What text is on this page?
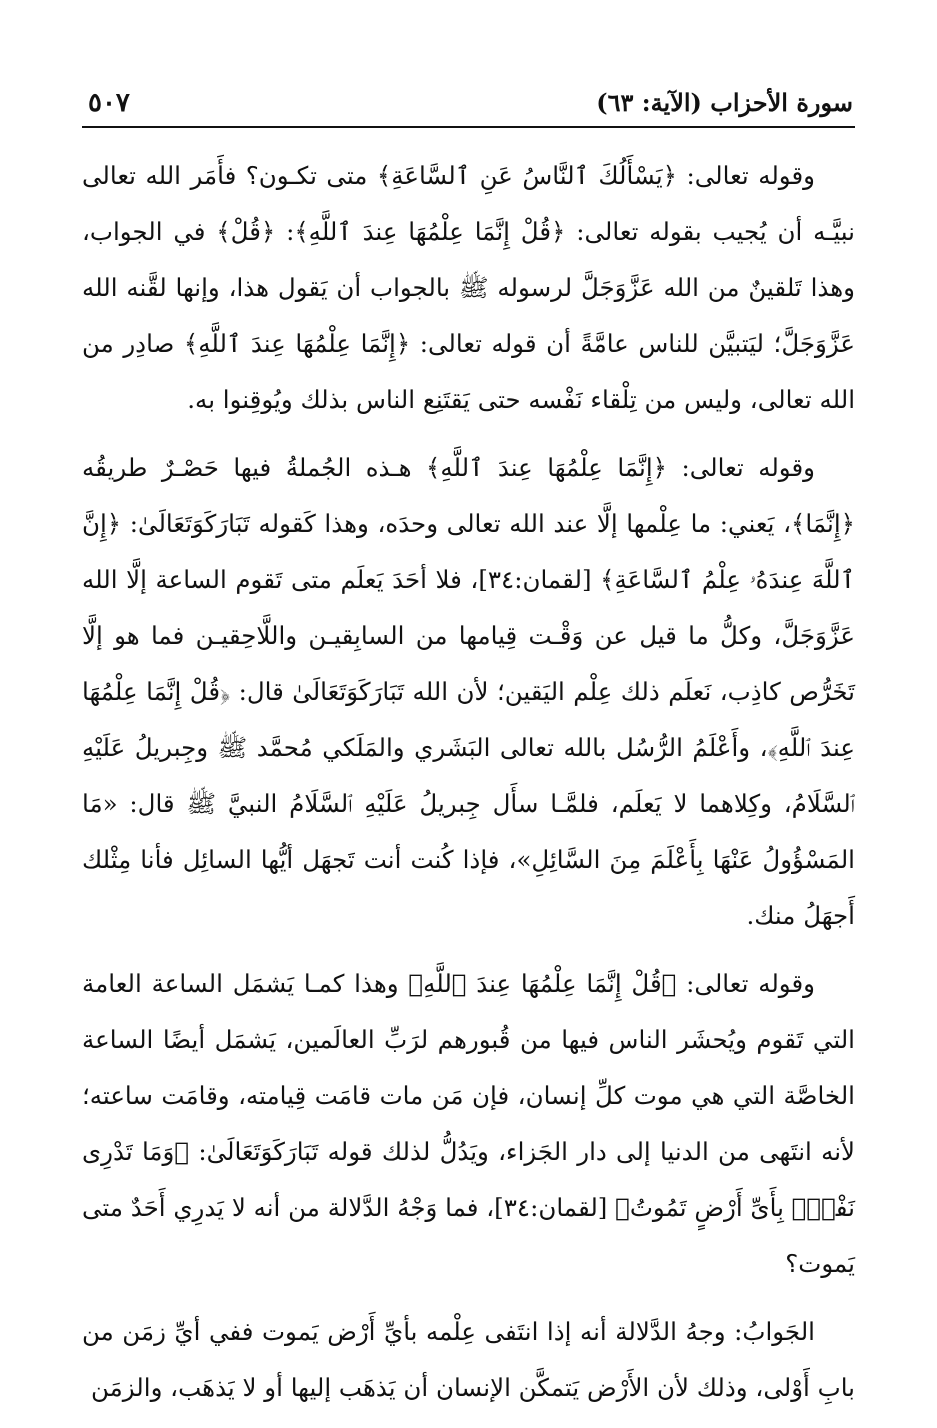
٥٠٧	سورة الأحزاب (الآية: ٦٣)

وقوله تعالى: ﴿يَسْأَلُكَ ٱلنَّاسُ عَنِ ٱلسَّاعَةِ﴾ متى تكـون؟ فأَمَر الله تعالى نبيَّـه أن يُجيب بقوله تعالى: ﴿قُلْ إِنَّمَا عِلْمُهَا عِندَ ٱللَّهِ﴾: ﴿قُلْ﴾ في الجواب، وهذا تَلقينٌ من الله عَزَّوَجَلَّ لرسوله ﷺ بالجواب أن يَقول هذا، وإنها لقَّنه الله عَزَّوَجَلَّ؛ ليَتبيَّن للناس عامَّةً أن قوله تعالى: ﴿إِنَّمَا عِلْمُهَا عِندَ ٱللَّهِ﴾ صادِر من الله تعالى، وليس من تِلْقاء نَفْسه حتى يَقتَنِع الناس بذلك ويُوقِنوا به.

وقوله تعالى: ﴿إِنَّمَا عِلْمُهَا عِندَ ٱللَّهِ﴾ هـذه الجُملةُ فيها حَصْـرٌ طريقُه ﴿إِنَّمَا﴾، يَعني: ما عِلْمها إلَّا عند الله تعالى وحدَه، وهذا كَقوله تَبَارَكَوَتَعَالَىٰ: ﴿إِنَّ ٱللَّهَ عِندَهُۥ عِلْمُ ٱلسَّاعَةِ﴾ [لقمان:٣٤]، فلا أحَدَ يَعلَم متى تَقوم الساعة إلَّا الله عَزَّوَجَلَّ، وكلُّ ما قيل عن وَقْـت قِيامها من السابِقيـن واللَّاحِقيـن فما هو إلَّا تَخَرُّص كاذِب، نَعلَم ذلك عِلْم اليَقين؛ لأن الله تَبَارَكَوَتَعَالَىٰ قال: ﴿قُلْ إِنَّمَا عِلْمُهَا عِندَ ٱللَّهِ﴾، وأَعْلَمُ الرُّسُل بالله تعالى البَشَري والمَلَكي مُحمَّد ﷺ وجِبريلُ عَلَيْهِ ٱلسَّلَامُ، وكِلاهما لا يَعلَم، فلمَّـا سأَل جِبريلُ عَلَيْهِ ٱلسَّلَامُ النبيَّ ﷺ قال: «مَا المَسْؤُولُ عَنْهَا بِأَعْلَمَ مِنَ السَّائِلِ»، فإذا كُنت أنت تَجهَل أيُّها السائِل فأنا مِثْلك أَجهَلُ منك.

وقوله تعالى: ﴿قُلْ إِنَّمَا عِلْمُهَا عِندَ ٱللَّهِ﴾ وهذا كمـا يَشمَل الساعة العامة التي تَقوم ويُحشَر الناس فيها من قُبورهم لرَبِّ العالَمين، يَشمَل أيضًا الساعة الخاصَّة التي هي موت كلِّ إنسان، فإن مَن مات قامَت قِيامته، وقامَت ساعته؛ لأنه انتَهى من الدنيا إلى دار الجَزاء، ويَدُلُّ لذلك قوله تَبَارَكَوَتَعَالَىٰ: ﴿وَمَا تَدْرِى نَفْسٌۢ بِأَىِّ أَرْضٍ تَمُوتُ﴾ [لقمان:٣٤]، فما وَجْهُ الدَّلالة من أنه لا يَدرِي أَحَدٌ متى يَموت؟

الجَوابُ: وجهُ الدَّلالة أنه إذا انتَفى عِلْمه بأيِّ أَرْض يَموت ففي أيِّ زمَن من بابِ أَوْلى، وذلك لأن الأَرْض يَتمكَّن الإنسان أن يَذهَب إليها أو لا يَذهَب، والزمَن
